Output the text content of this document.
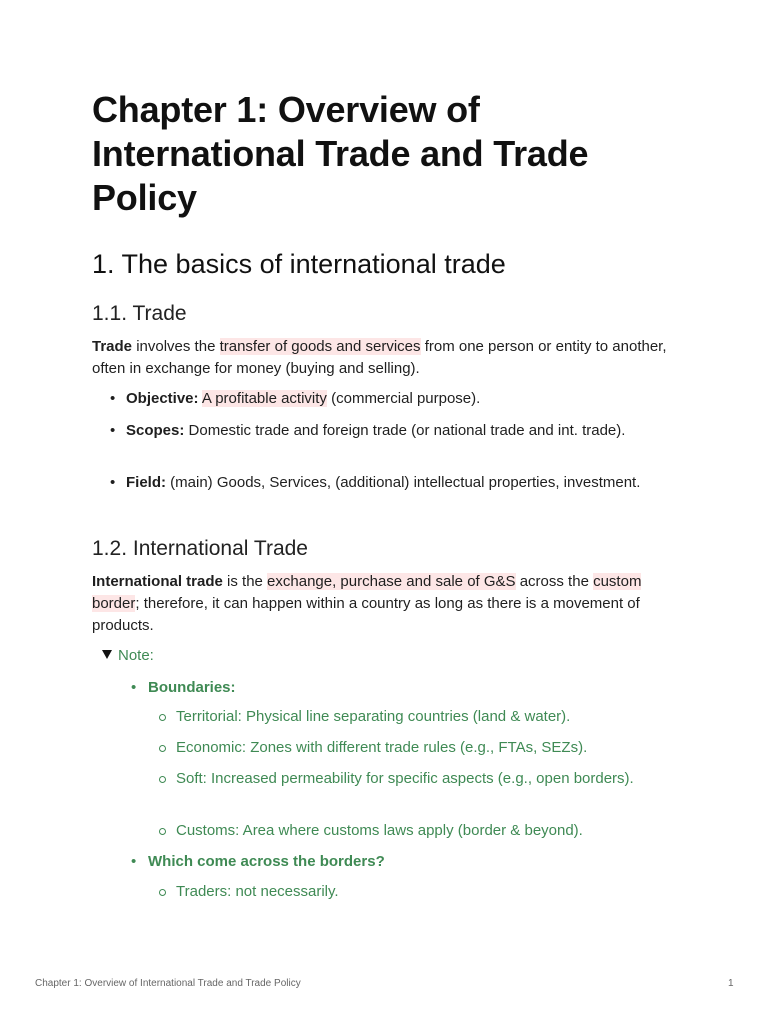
Chapter 1: Overview of International Trade and Trade Policy
1. The basics of international trade
1.1. Trade

Trade involves the transfer of goods and services from one person or entity to another, often in exchange for money (buying and selling).

• Objective: A profitable activity (commercial purpose).
• Scopes: Domestic trade and foreign trade (or national trade and int. trade).
• Field: (main) Goods, Services, (additional) intellectual properties, investment.
1.2. International Trade

International trade is the exchange, purchase and sale of G&S across the custom border; therefore, it can happen within a country as long as there is a movement of products.

Note:
• Boundaries:
Territorial: Physical line separating countries (land & water).
Economic: Zones with different trade rules (e.g., FTAs, SEZs).
Soft: Increased permeability for specific aspects (e.g., open borders).
Customs: Area where customs laws apply (border & beyond).
• Which come across the borders?
Traders: not necessarily.
Chapter 1: Overview of International Trade and Trade Policy	1
